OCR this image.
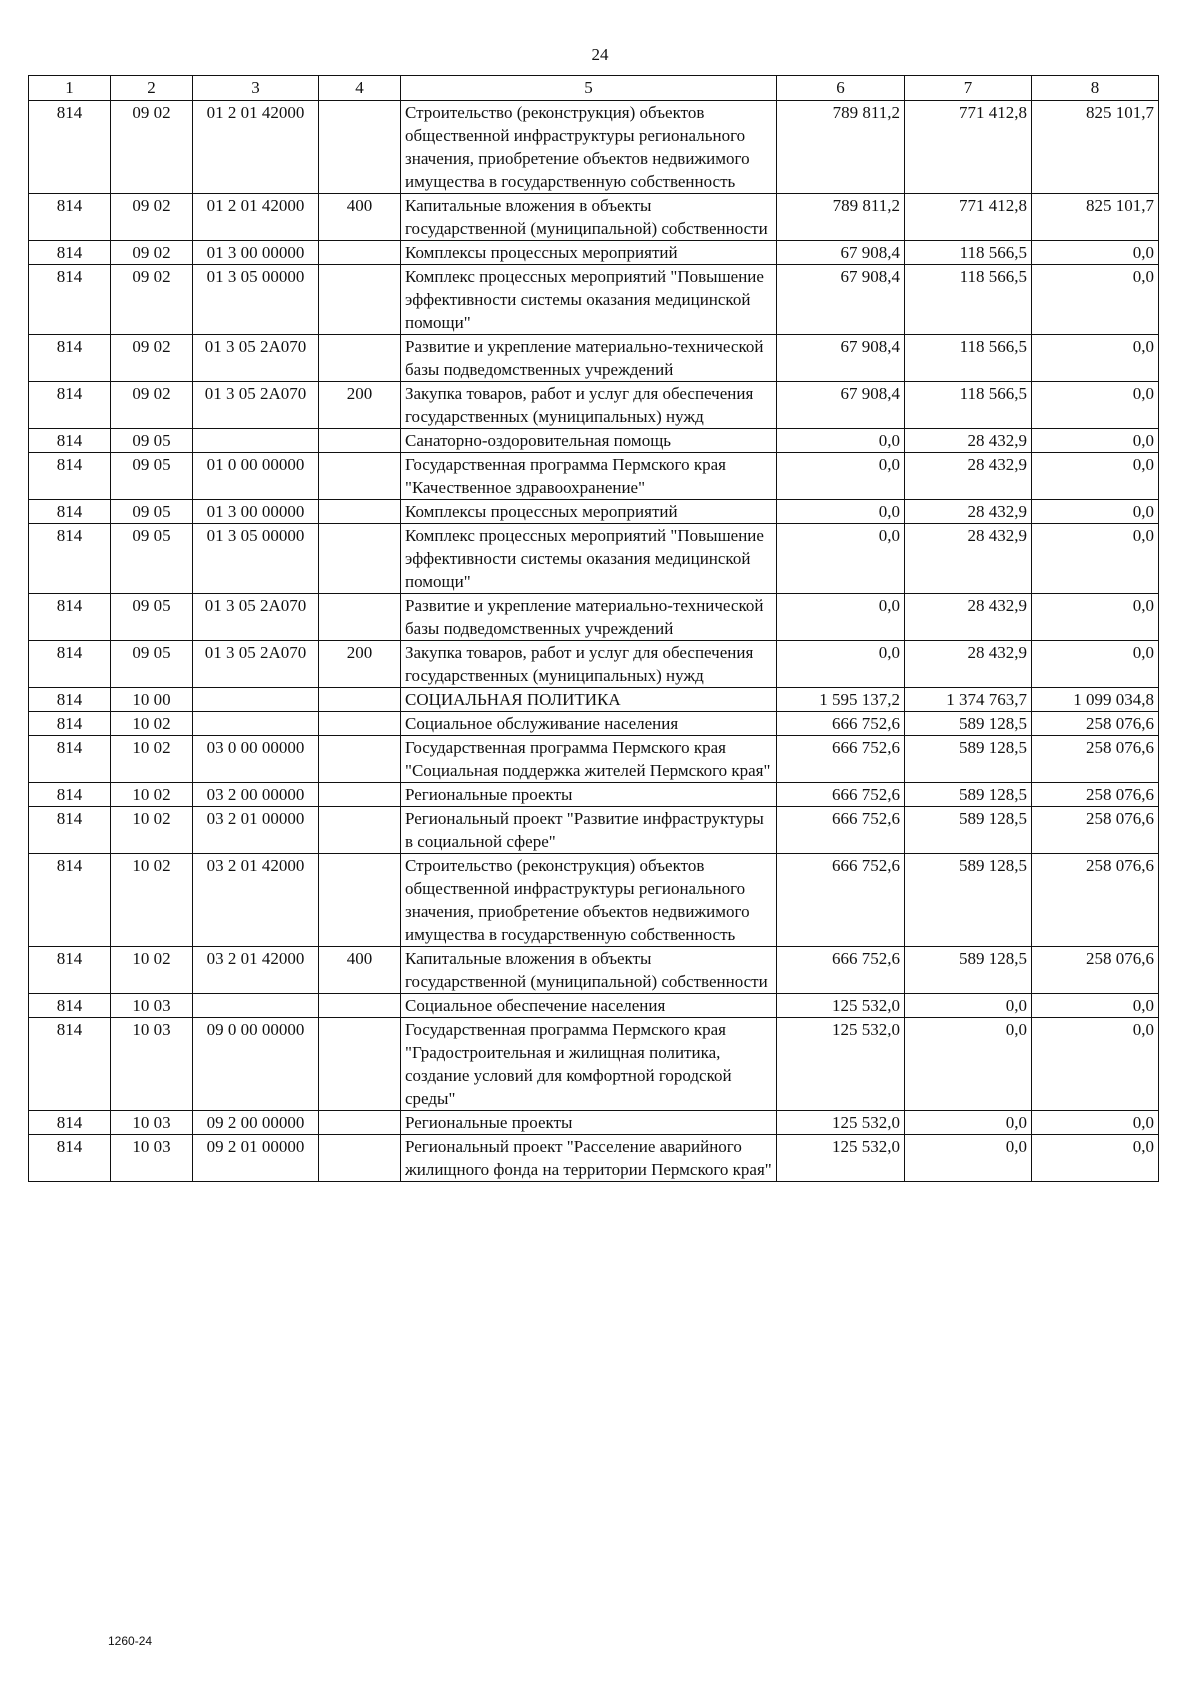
24
1	2	3	4	5	6	7	8
814	09 02	01 2 01 42000		Строительство (реконструкция) объектов общественной инфраструктуры регионального значения, приобретение объектов недвижимого имущества в государственную собственность	789 811,2	771 412,8	825 101,7
814	09 02	01 2 01 42000	400	Капитальные вложения в объекты государственной (муниципальной) собственности	789 811,2	771 412,8	825 101,7
814	09 02	01 3 00 00000		Комплексы процессных мероприятий	67 908,4	118 566,5	0,0
814	09 02	01 3 05 00000		Комплекс процессных мероприятий "Повышение эффективности системы оказания медицинской помощи"	67 908,4	118 566,5	0,0
814	09 02	01 3 05 2А070		Развитие и укрепление материально-технической базы подведомственных учреждений	67 908,4	118 566,5	0,0
814	09 02	01 3 05 2А070	200	Закупка товаров, работ и услуг для обеспечения государственных (муниципальных) нужд	67 908,4	118 566,5	0,0
814	09 05			Санаторно-оздоровительная помощь	0,0	28 432,9	0,0
814	09 05	01 0 00 00000		Государственная программа Пермского края "Качественное здравоохранение"	0,0	28 432,9	0,0
814	09 05	01 3 00 00000		Комплексы процессных мероприятий	0,0	28 432,9	0,0
814	09 05	01 3 05 00000		Комплекс процессных мероприятий "Повышение эффективности системы оказания медицинской помощи"	0,0	28 432,9	0,0
814	09 05	01 3 05 2А070		Развитие и укрепление материально-технической базы подведомственных учреждений	0,0	28 432,9	0,0
814	09 05	01 3 05 2А070	200	Закупка товаров, работ и услуг для обеспечения государственных (муниципальных) нужд	0,0	28 432,9	0,0
814	10 00			СОЦИАЛЬНАЯ ПОЛИТИКА	1 595 137,2	1 374 763,7	1 099 034,8
814	10 02			Социальное обслуживание населения	666 752,6	589 128,5	258 076,6
814	10 02	03 0 00 00000		Государственная программа Пермского края "Социальная поддержка жителей Пермского края"	666 752,6	589 128,5	258 076,6
814	10 02	03 2 00 00000		Региональные проекты	666 752,6	589 128,5	258 076,6
814	10 02	03 2 01 00000		Региональный проект "Развитие инфраструктуры в социальной сфере"	666 752,6	589 128,5	258 076,6
814	10 02	03 2 01 42000		Строительство (реконструкция) объектов общественной инфраструктуры регионального значения, приобретение объектов недвижимого имущества в государственную собственность	666 752,6	589 128,5	258 076,6
814	10 02	03 2 01 42000	400	Капитальные вложения в объекты государственной (муниципальной) собственности	666 752,6	589 128,5	258 076,6
814	10 03			Социальное обеспечение населения	125 532,0	0,0	0,0
814	10 03	09 0 00 00000		Государственная программа Пермского края "Градостроительная и жилищная политика, создание условий для комфортной городской среды"	125 532,0	0,0	0,0
814	10 03	09 2 00 00000		Региональные проекты	125 532,0	0,0	0,0
814	10 03	09 2 01 00000		Региональный проект "Расселение аварийного жилищного фонда на территории Пермского края"	125 532,0	0,0	0,0
1260-24
